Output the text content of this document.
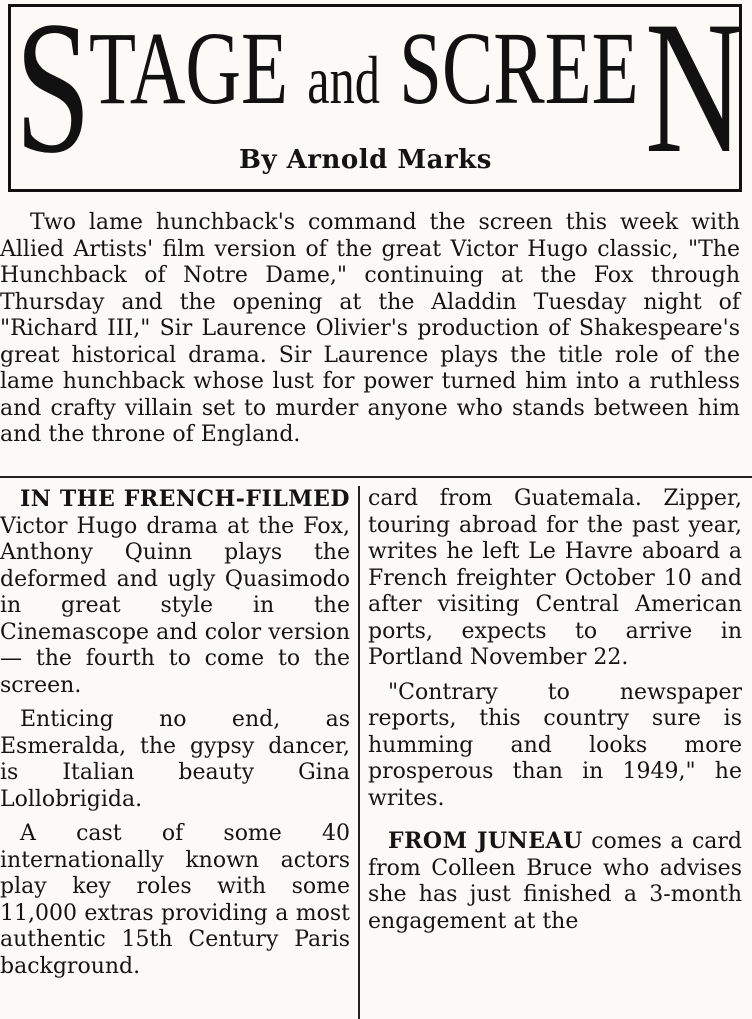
S
TAGE and SCREE N
By Arnold Marks

Two lame hunchback's command the screen this week with Allied Artists' film version of the great Victor Hugo classic, "The Hunchback of Notre Dame," continuing at the Fox through Thursday and the opening at the Aladdin Tuesday night of "Richard III," Sir Laurence Olivier's production of Shakespeare's great historical drama. Sir Laurence plays the title role of the lame hunchback whose lust for power turned him into a ruthless and crafty villain set to murder anyone who stands between him and the throne of England.

IN THE FRENCH-FILMED Victor Hugo drama at the Fox, Anthony Quinn plays the deformed and ugly Quasimodo in great style in the Cinemascope and color version — the fourth to come to the screen.

Enticing no end, as Esmeralda, the gypsy dancer, is Italian beauty Gina Lollobrigida.

A cast of some 40 internationally known actors play key roles with some 11,000 extras providing a most authentic 15th Century Paris background.

card from Guatemala. Zipper, touring abroad for the past year, writes he left Le Havre aboard a French freighter October 10 and after visiting Central American ports, expects to arrive in Portland November 22.

"Contrary to newspaper reports, this country sure is humming and looks more prosperous than in 1949," he writes.

FROM JUNEAU comes a card from Colleen Bruce who advises she has just finished a 3-month engagement at the
